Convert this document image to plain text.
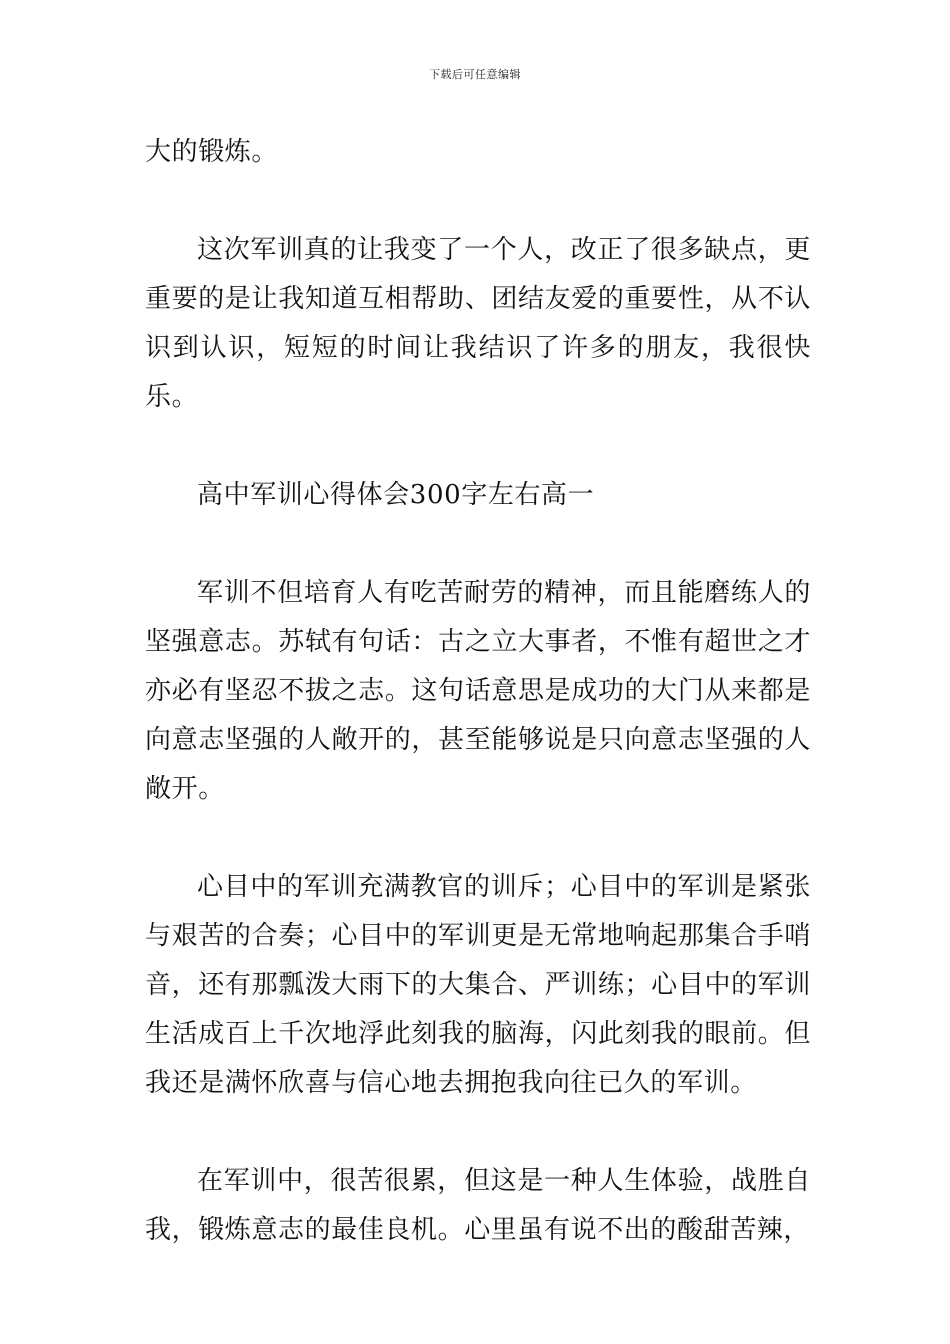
下载后可任意编辑

大的锻炼。

这次军训真的让我变了一个人，改正了很多缺点，更重要的是让我知道互相帮助、团结友爱的重要性，从不认识到认识，短短的时间让我结识了许多的朋友，我很快乐。

高中军训心得体会300字左右高一

军训不但培育人有吃苦耐劳的精神，而且能磨练人的坚强意志。苏轼有句话：古之立大事者，不惟有超世之才亦必有坚忍不拔之志。这句话意思是成功的大门从来都是向意志坚强的人敞开的，甚至能够说是只向意志坚强的人敞开。

心目中的军训充满教官的训斥；心目中的军训是紧张与艰苦的合奏；心目中的军训更是无常地响起那集合手哨音，还有那瓢泼大雨下的大集合、严训练；心目中的军训生活成百上千次地浮此刻我的脑海，闪此刻我的眼前。但我还是满怀欣喜与信心地去拥抱我向往已久的军训。

在军训中，很苦很累，但这是一种人生体验，战胜自我，锻炼意志的最佳良机。心里虽有说不出的酸甜苦辣，
